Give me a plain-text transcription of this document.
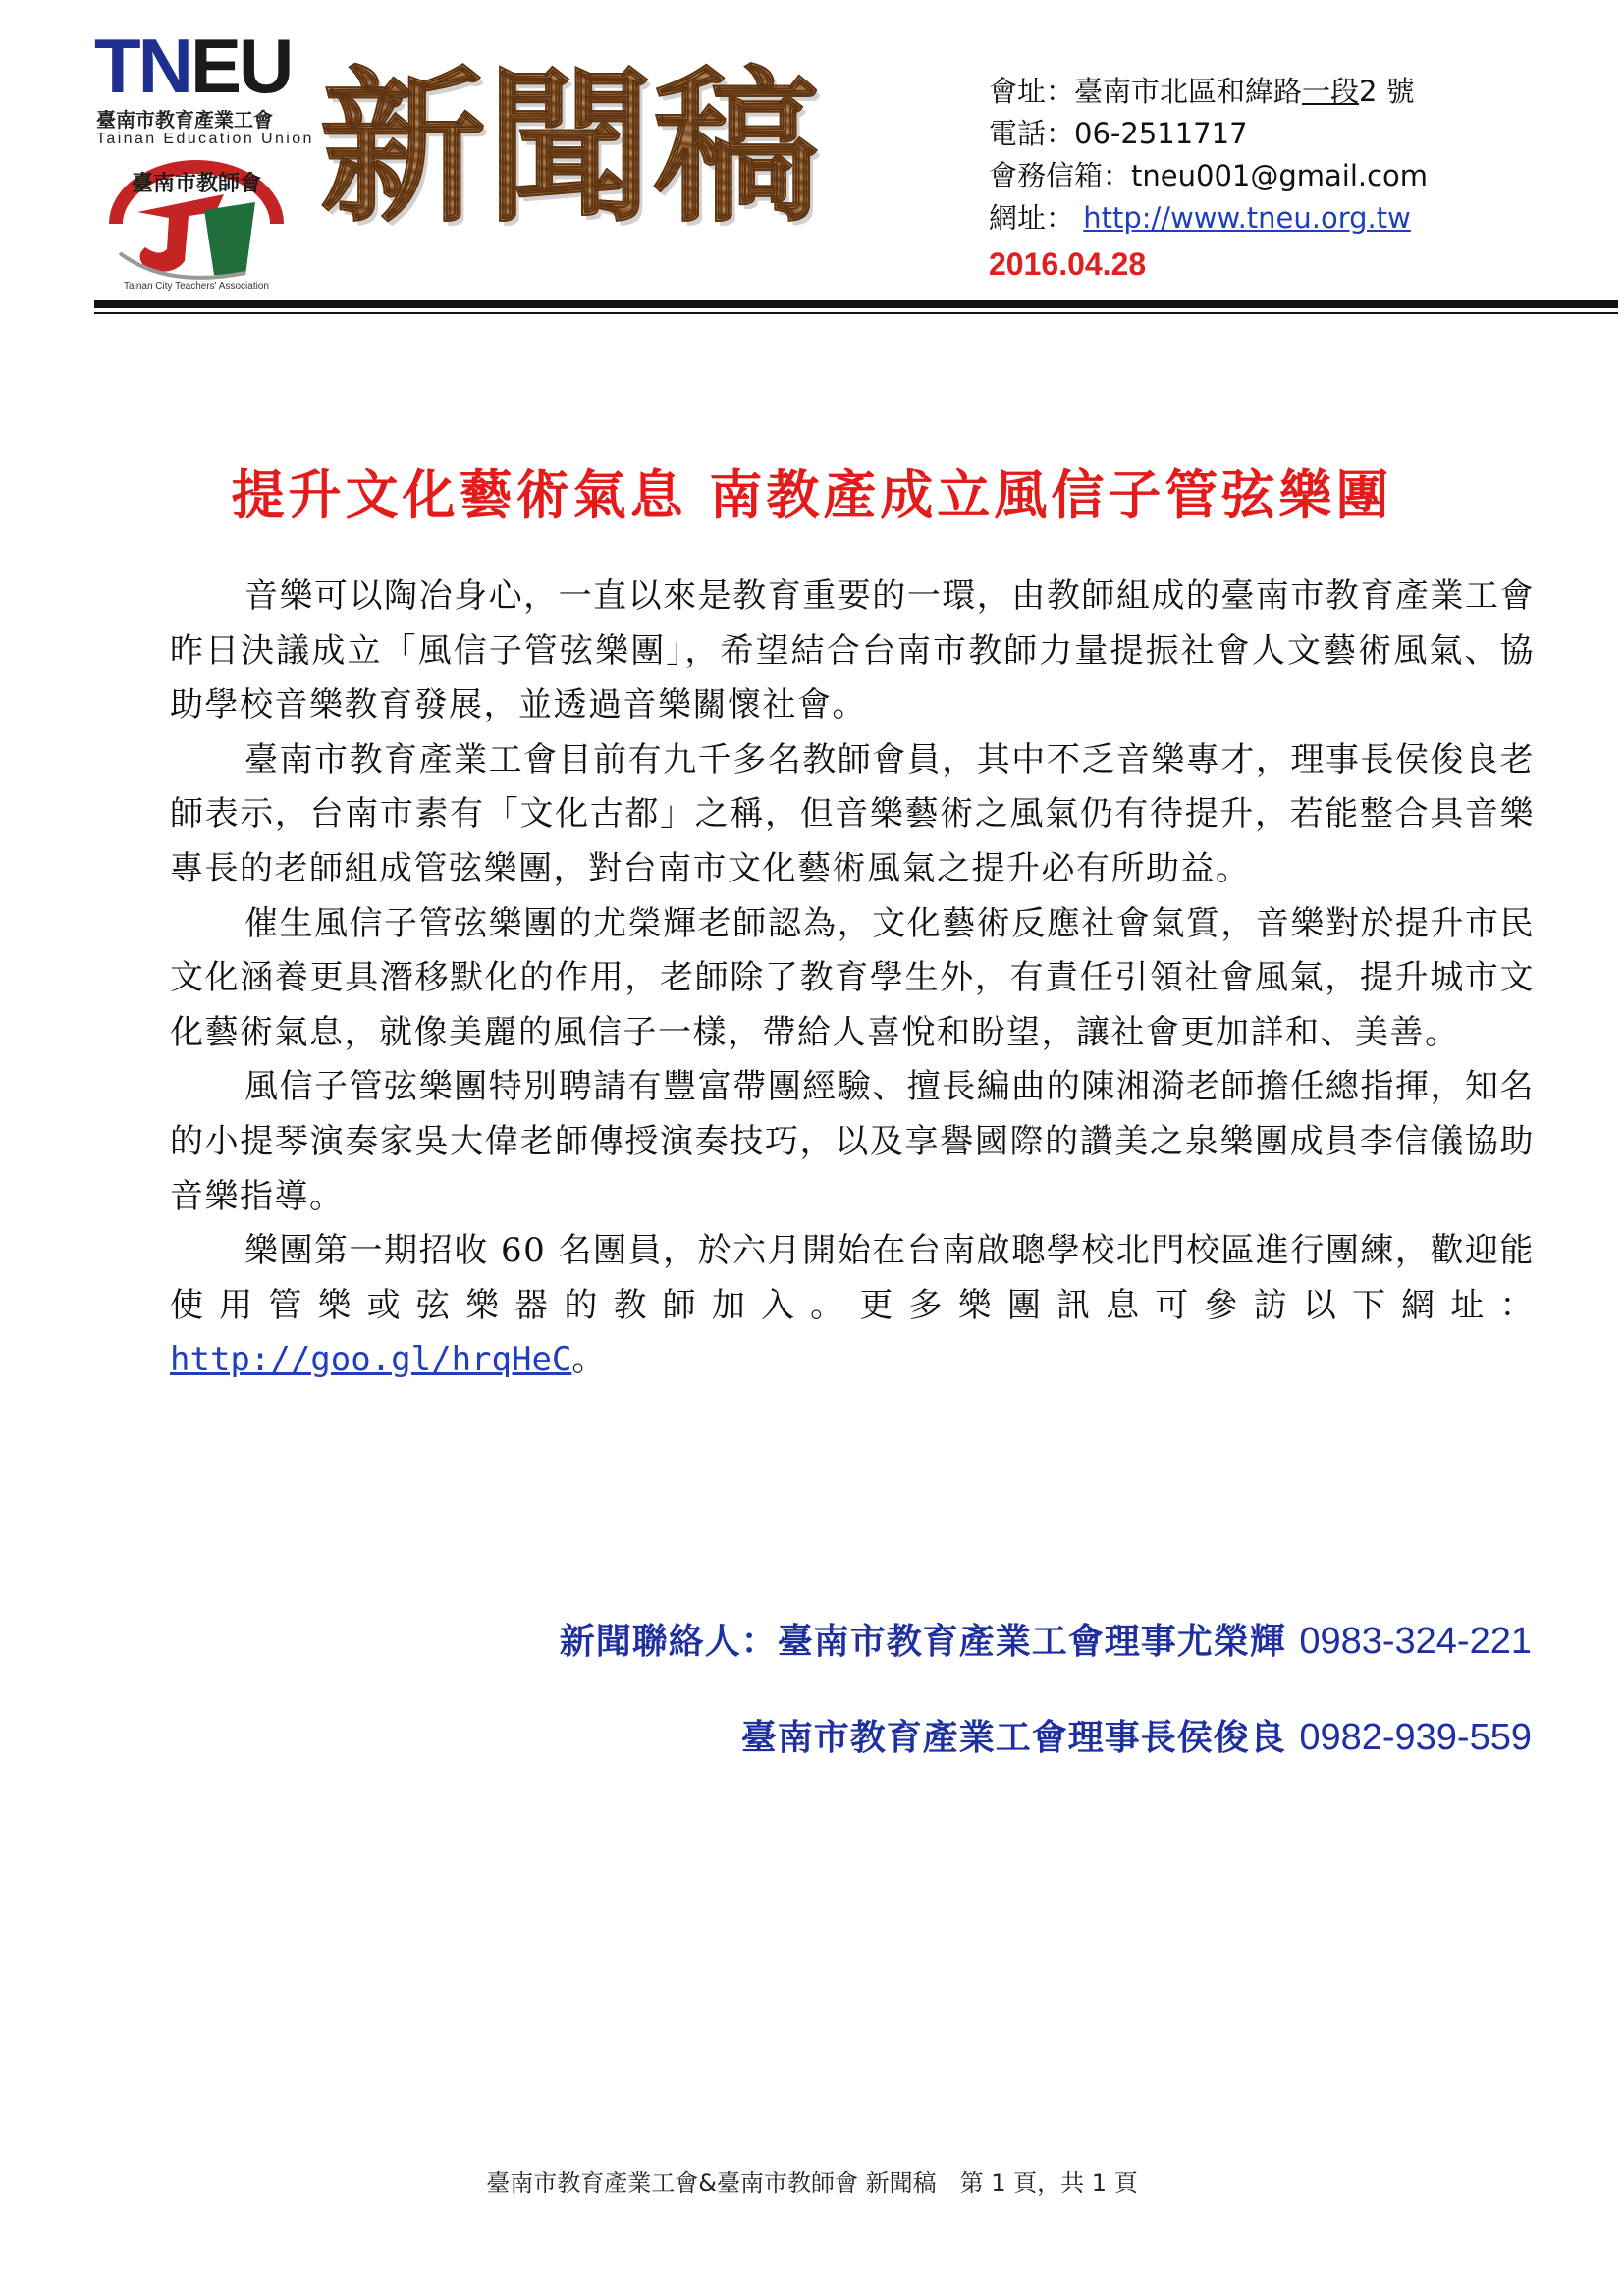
TNEU
臺南市教育產業工會
Tainan Education Union
臺南市教師會
Tainan City Teachers' Association
新聞稿	會址：臺南市北區和緯路一段2 號
電話：06-2511717
會務信箱：tneu001@gmail.com
網址： http://www.tneu.org.tw
2016.04.28
提升文化藝術氣息 南教產成立風信子管弦樂團

音樂可以陶冶身心，一直以來是教育重要的一環，由教師組成的臺南市教育產業工會昨日決議成立「風信子管弦樂團」，希望結合台南市教師力量提振社會人文藝術風氣、協助學校音樂教育發展，並透過音樂關懷社會。

臺南市教育產業工會目前有九千多名教師會員，其中不乏音樂專才，理事長侯俊良老師表示，台南市素有「文化古都」之稱，但音樂藝術之風氣仍有待提升，若能整合具音樂專長的老師組成管弦樂團，對台南市文化藝術風氣之提升必有所助益。

催生風信子管弦樂團的尤榮輝老師認為，文化藝術反應社會氣質，音樂對於提升市民文化涵養更具潛移默化的作用，老師除了教育學生外，有責任引領社會風氣，提升城市文化藝術氣息，就像美麗的風信子一樣，帶給人喜悅和盼望，讓社會更加詳和、美善。

風信子管弦樂團特別聘請有豐富帶團經驗、擅長編曲的陳湘漪老師擔任總指揮，知名的小提琴演奏家吳大偉老師傳授演奏技巧，以及享譽國際的讚美之泉樂團成員李信儀協助音樂指導。

樂團第一期招收 60 名團員，於六月開始在台南啟聰學校北門校區進行團練，歡迎能使用管樂或弦樂器的教師加入。更多樂團訊息可參訪以下網址：http://goo.gl/hrqHeC。

新聞聯絡人：臺南市教育產業工會理事尤榮輝 0983-324-221
臺南市教育產業工會理事長侯俊良 0982-939-559
臺南市教育產業工會&臺南市教師會 新聞稿　第 1 頁，共 1 頁
